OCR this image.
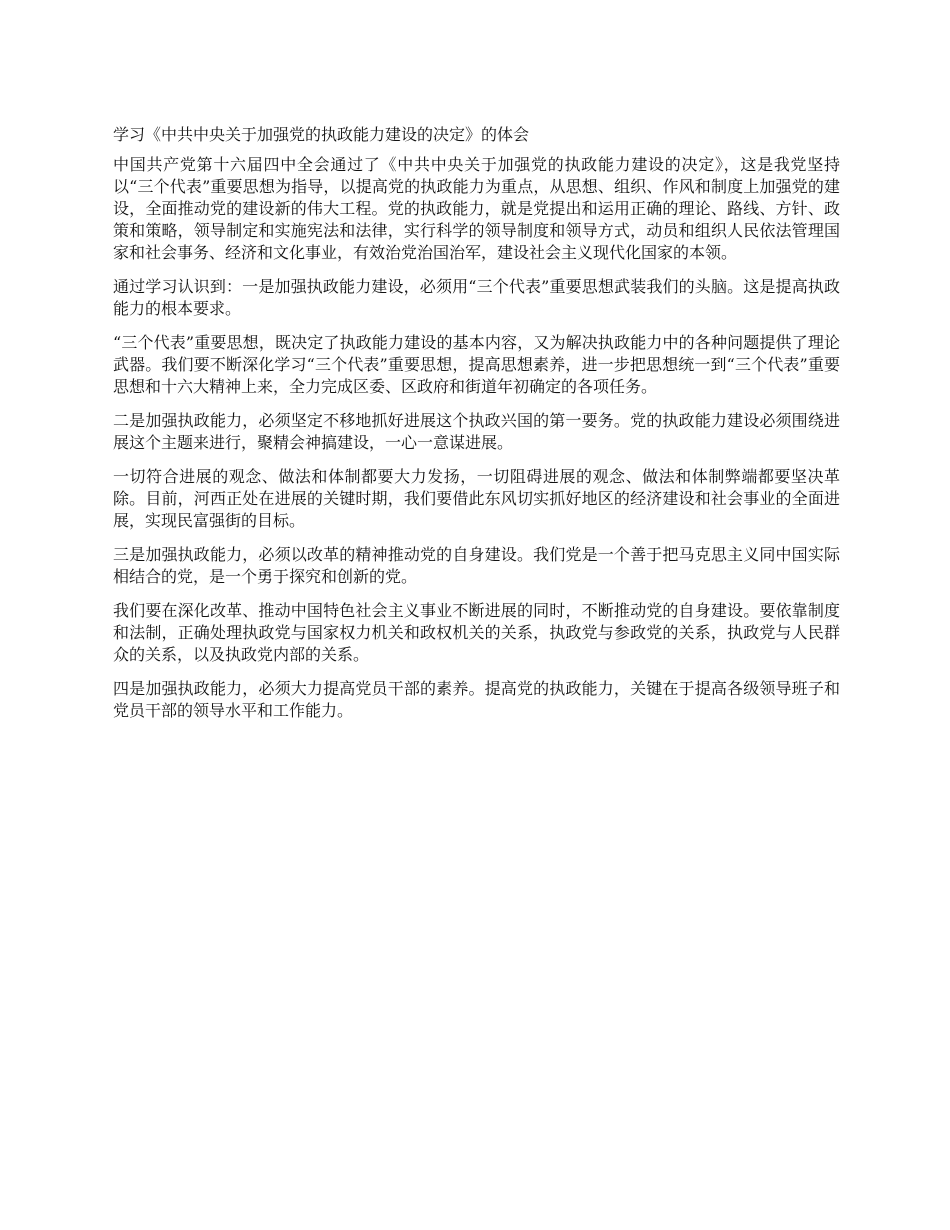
学习《中共中央关于加强党的执政能力建设的决定》的体会

中国共产党第十六届四中全会通过了《中共中央关于加强党的执政能力建设的决定》，这是我党坚持以“三个代表”重要思想为指导，以提高党的执政能力为重点，从思想、组织、作风和制度上加强党的建设，全面推动党的建设新的伟大工程。党的执政能力，就是党提出和运用正确的理论、路线、方针、政策和策略，领导制定和实施宪法和法律，实行科学的领导制度和领导方式，动员和组织人民依法管理国家和社会事务、经济和文化事业，有效治党治国治军，建设社会主义现代化国家的本领。

通过学习认识到：一是加强执政能力建设，必须用“三个代表”重要思想武装我们的头脑。这是提高执政能力的根本要求。

“三个代表”重要思想，既决定了执政能力建设的基本内容，又为解决执政能力中的各种问题提供了理论武器。我们要不断深化学习“三个代表”重要思想，提高思想素养，进一步把思想统一到“三个代表”重要思想和十六大精神上来，全力完成区委、区政府和街道年初确定的各项任务。

二是加强执政能力，必须坚定不移地抓好进展这个执政兴国的第一要务。党的执政能力建设必须围绕进展这个主题来进行，聚精会神搞建设，一心一意谋进展。

一切符合进展的观念、做法和体制都要大力发扬，一切阻碍进展的观念、做法和体制弊端都要坚决革除。目前，河西正处在进展的关键时期，我们要借此东风切实抓好地区的经济建设和社会事业的全面进展，实现民富强街的目标。

三是加强执政能力，必须以改革的精神推动党的自身建设。我们党是一个善于把马克思主义同中国实际相结合的党，是一个勇于探究和创新的党。

我们要在深化改革、推动中国特色社会主义事业不断进展的同时，不断推动党的自身建设。要依靠制度和法制，正确处理执政党与国家权力机关和政权机关的关系，执政党与参政党的关系，执政党与人民群众的关系，以及执政党内部的关系。

四是加强执政能力，必须大力提高党员干部的素养。提高党的执政能力，关键在于提高各级领导班子和党员干部的领导水平和工作能力。
